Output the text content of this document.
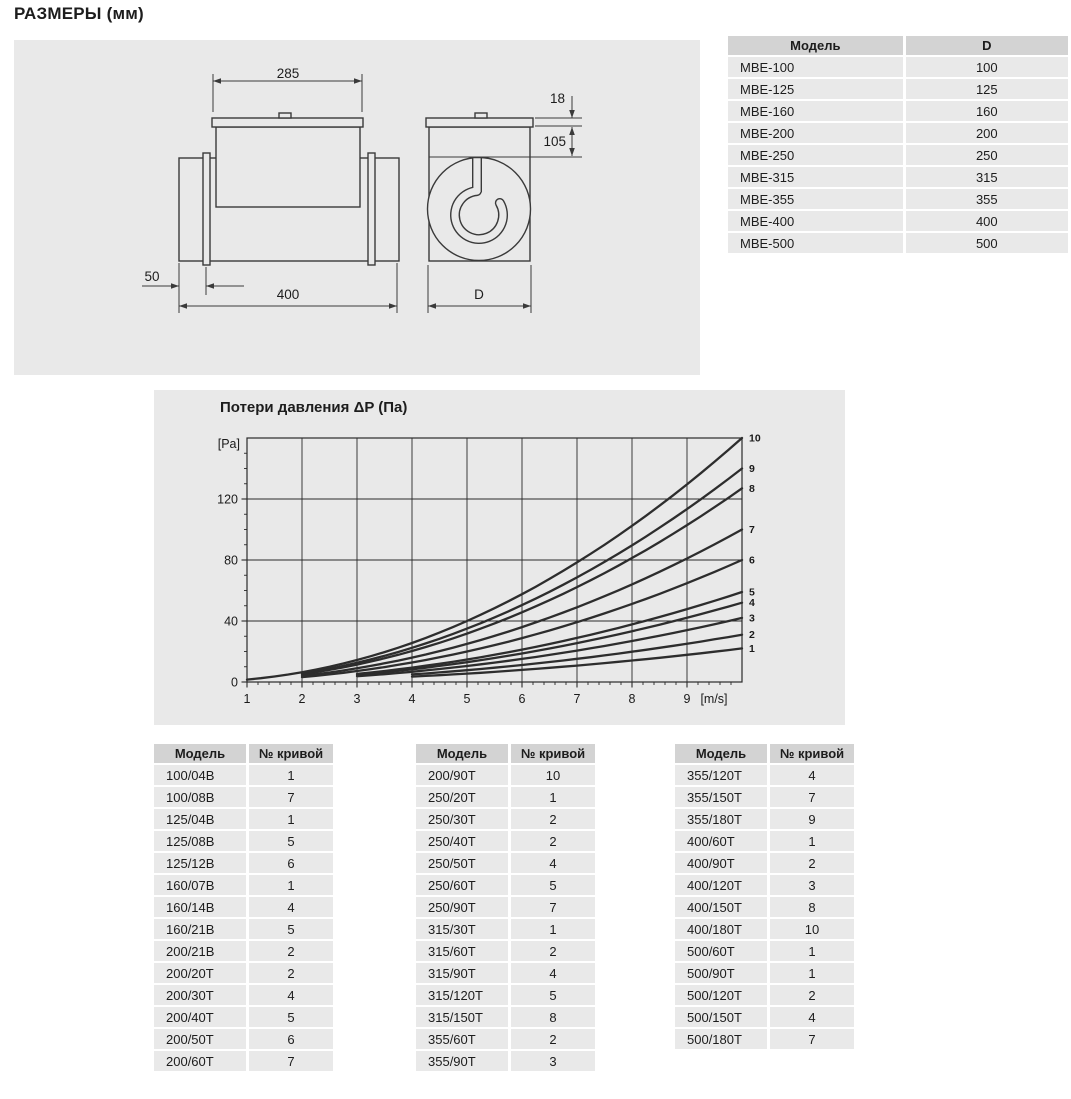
РАЗМЕРЫ (мм)
285
50
400
18
105
D
Модель	D
MBE-100	100
MBE-125	125
MBE-160	160
MBE-200	200
MBE-250	250
MBE-315	315
MBE-355	355
MBE-400	400
MBE-500	500
Потери давления ΔP (Па)
1	2	3	4	5	6	7	8	9
0
40
80
120
[m/s]
[Pa]
1
2
3
4
5
6
7
8
9
10
Модель	№ кривой
100/04B	1
100/08B	7
125/04B	1
125/08B	5
125/12B	6
160/07B	1
160/14B	4
160/21B	5
200/21B	2
200/20T	2
200/30T	4
200/40T	5
200/50T	6
200/60T	7
Модель	№ кривой
200/90T	10
250/20T	1
250/30T	2
250/40T	2
250/50T	4
250/60T	5
250/90T	7
315/30T	1
315/60T	2
315/90T	4
315/120T	5
315/150T	8
355/60T	2
355/90T	3
Модель	№ кривой
355/120T	4
355/150T	7
355/180T	9
400/60T	1
400/90T	2
400/120T	3
400/150T	8
400/180T	10
500/60T	1
500/90T	1
500/120T	2
500/150T	4
500/180T	7
